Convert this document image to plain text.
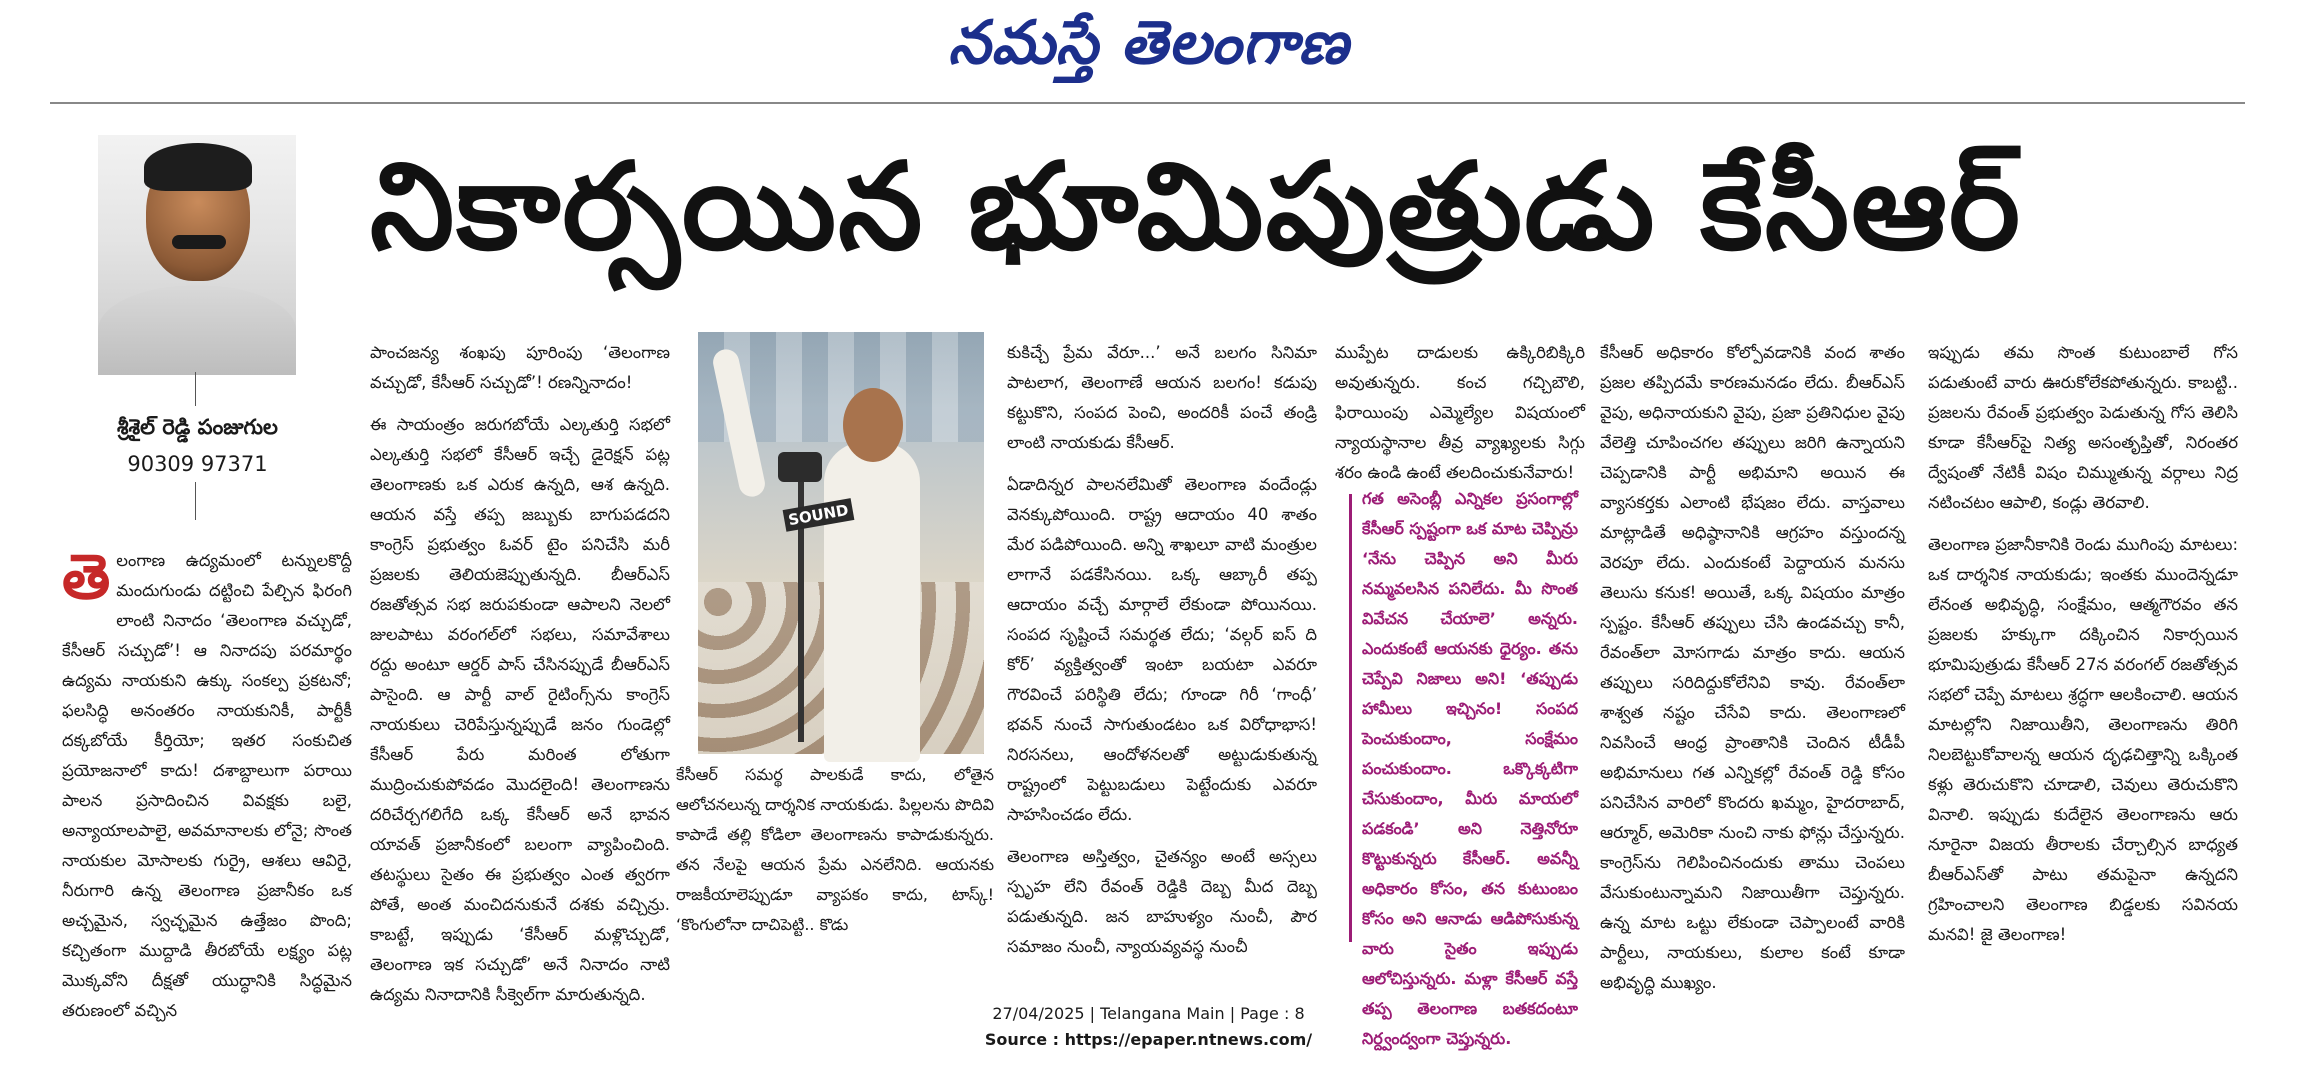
నమస్తే తెలంగాణ
శ్రీశైల్ రెడ్డి పంజుగుల
90309 97371
నికార్సయిన భూమిపుత్రుడు కేసీఆర్
తె లంగాణ ఉద్యమంలో టన్నులకొద్దీ మందుగుండు దట్టించి పేల్చిన ఫిరంగి లాంటి నినాదం ‘తెలంగాణ వచ్చుడో, కేసీఆర్ సచ్చుడో’! ఆ నినాదపు పరమార్థం ఉద్యమ నాయకుని ఉక్కు సంకల్ప ప్రకటనో; ఫలసిద్ధి అనంతరం నాయకునికీ, పార్టీకీ దక్కబోయే కీర్తియో; ఇతర సంకుచిత ప్రయోజనాలో కాదు! దశాబ్దాలుగా పరాయి పాలన ప్రసాదించిన వివక్షకు బలై, అన్యాయాలపాలై, అవమానాలకు లోనై; సొంత నాయకుల మోసాలకు గుర్రై, ఆశలు ఆవిరై, నీరుగారి ఉన్న తెలంగాణ ప్రజానీకం ఒక అచ్చమైన, స్వచ్ఛమైన ఉత్తేజం పొంది; కచ్చితంగా ముద్దాడి తీరబోయే లక్ష్యం పట్ల మొక్కవోని దీక్షతో యుద్ధానికి సిద్ధమైన తరుణంలో వచ్చిన

పాంచజన్య శంఖపు పూరింపు ‘తెలంగాణ వచ్చుడో, కేసీఆర్ సచ్చుడో’! రణన్నినాదం!

ఈ సాయంత్రం జరుగబోయే ఎల్కతుర్తి సభలో ఎల్కతుర్తి సభలో కేసీఆర్ ఇచ్చే డైరెక్షన్ పట్ల తెలంగాణకు ఒక ఎరుక ఉన్నది, ఆశ ఉన్నది. ఆయన వస్తే తప్ప జబ్బుకు బాగుపడదని కాంగ్రెస్ ప్రభుత్వం ఓవర్ టైం పనిచేసి మరీ ప్రజలకు తెలియజెప్పుతున్నది. బీఆర్ఎస్ రజతోత్సవ సభ జరుపకుండా ఆపాలని నెలలో జులపాటు వరంగల్‌లో సభలు, సమావేశాలు రద్దు అంటూ ఆర్డర్ పాస్ చేసినప్పుడే బీఆర్ఎస్ పాసైంది. ఆ పార్టీ వాల్ రైటింగ్స్‌ను కాంగ్రెస్ నాయకులు చెరిపేస్తున్నప్పుడే జనం గుండెల్లో కేసీఆర్ పేరు మరింత లోతుగా ముద్రించుకుపోవడం మొదలైంది! తెలంగాణను దరిచేర్చగలిగేది ఒక్క కేసీఆర్ అనే భావన యావత్ ప్రజానీకంలో బలంగా వ్యాపించింది. తటస్థులు సైతం ఈ ప్రభుత్వం ఎంత త్వరగా పోతే, అంత మంచిదనుకునే దశకు వచ్చిన్రు. కాబట్టే, ఇప్పుడు ‘కేసీఆర్ మళ్లొచ్చుడో, తెలంగాణ ఇక సచ్చుడో’ అనే నినాదం నాటి ఉద్యమ నినాదానికి సీక్వెల్‌గా మారుతున్నది.

SOUND
కేసీఆర్ సమర్థ పాలకుడే కాదు, లోతైన ఆలోచనలున్న దార్శనిక నాయకుడు. పిల్లలను పొదివి కాపాడే తల్లి కోడిలా తెలంగాణను కాపాడుకున్నరు. తన నేలపై ఆయన ప్రేమ ఎనలేనిది. ఆయనకు రాజకీయాలెప్పుడూ వ్యాపకం కాదు, టాస్క్! ‘కొంగులోనా దాచిపెట్టి.. కొడు

కుకిచ్చే ప్రేమ వేరూ...’ అనే బలగం సినిమా పాటలాగ, తెలంగాణే ఆయన బలగం! కడుపు కట్టుకొని, సంపద పెంచి, అందరికీ పంచే తండ్రి లాంటి నాయకుడు కేసీఆర్.

ఏడాదిన్నర పాలనలేమితో తెలంగాణ వందేండ్లు వెనక్కుపోయింది. రాష్ట్ర ఆదాయం 40 శాతం మేర పడిపోయింది. అన్ని శాఖలూ వాటి మంత్రుల లాగానే పడకేసినయి. ఒక్క ఆబ్కారీ తప్ప ఆదాయం వచ్చే మార్గాలే లేకుండా పోయినయి. సంపద సృష్టించే సమర్థత లేదు; ‘వల్గర్ ఐస్ ది కోర్’ వ్యక్తిత్వంతో ఇంటా బయటా ఎవరూ గౌరవించే పరిస్థితి లేదు; గూండా గిరీ ‘గాంధీ’ భవన్ నుంచే సాగుతుండటం ఒక విరోధాభాస! నిరసనలు, ఆందోళనలతో అట్టుడుకుతున్న రాష్ట్రంలో పెట్టుబడులు పెట్టేందుకు ఎవరూ సాహసించడం లేదు.

తెలంగాణ అస్తిత్వం, చైతన్యం అంటే అస్సలు స్పృహ లేని రేవంత్ రెడ్డికి దెబ్బ మీద దెబ్బ పడుతున్నది. జన బాహుళ్యం నుంచీ, పౌర సమాజం నుంచీ, న్యాయవ్యవస్థ నుంచీ

ముప్పేట దాడులకు ఉక్కిరిబిక్కిరి అవుతున్నరు. కంచ గచ్చిబౌలి, ఫిరాయింపు ఎమ్మెల్యేల విషయంలో న్యాయస్థానాల తీవ్ర వ్యాఖ్యలకు సిగ్గు శరం ఉండి ఉంటే తలదించుకునేవారు!

గత అసెంబ్లీ ఎన్నికల ప్రసంగాల్లో కేసీఆర్ స్పష్టంగా ఒక మాట చెప్పిన్రు ‘నేను చెప్పిన అని మీరు నమ్మవలసిన పనిలేదు. మీ సొంత వివేచన చేయాలె’ అన్నరు. ఎందుకంటే ఆయనకు ధైర్యం. తను చెప్పేవి నిజాలు అని! ‘తప్పుడు హామీలు ఇచ్చినం! సంపద పెంచుకుందాం, సంక్షేమం పంచుకుందాం. ఒక్కొక్కటిగా చేసుకుందాం, మీరు మాయలో పడకండి’ అని నెత్తినోరూ కొట్టుకున్నరు కేసీఆర్. అవన్నీ అధికారం కోసం, తన కుటుంబం కోసం అని ఆనాడు ఆడిపోసుకున్న వారు సైతం ఇప్పుడు ఆలోచిస్తున్నరు. మళ్లా కేసీఆర్ వస్తే తప్ప తెలంగాణ బతకదంటూ నిర్ద్వంద్వంగా చెప్తున్నరు.

కేసీఆర్ అధికారం కోల్పోవడానికి వంద శాతం ప్రజల తప్పిదమే కారణమనడం లేదు. బీఆర్ఎస్ వైపు, అధినాయకుని వైపు, ప్రజా ప్రతినిధుల వైపు వేలెత్తి చూపించగల తప్పులు జరిగి ఉన్నాయని చెప్పడానికి పార్టీ అభిమాని అయిన ఈ వ్యాసకర్తకు ఎలాంటి భేషజం లేదు. వాస్తవాలు మాట్లాడితే అధిష్ఠానానికి ఆగ్రహం వస్తుందన్న వెరపూ లేదు. ఎందుకంటే పెద్దాయన మనసు తెలుసు కనుక! అయితే, ఒక్క విషయం మాత్రం స్పష్టం. కేసీఆర్ తప్పులు చేసి ఉండవచ్చు కానీ, రేవంత్‌లా మోసగాడు మాత్రం కాదు. ఆయన తప్పులు సరిదిద్దుకోలేనివి కావు. రేవంత్‌లా శాశ్వత నష్టం చేసేవి కాదు. తెలంగాణలో నివసించే ఆంధ్ర ప్రాంతానికి చెందిన టీడీపీ అభిమానులు గత ఎన్నికల్లో రేవంత్ రెడ్డి కోసం పనిచేసిన వారిలో కొందరు ఖమ్మం, హైదరాబాద్, ఆర్మూర్, అమెరికా నుంచి నాకు ఫోన్లు చేస్తున్నరు. కాంగ్రెస్‌ను గెలిపించినందుకు తాము చెంపలు వేసుకుంటున్నామని నిజాయితీగా చెప్తున్నరు. ఉన్న మాట ఒట్టు లేకుండా చెప్పాలంటే వారికి పార్టీలు, నాయకులు, కులాల కంటే కూడా అభివృద్ధి ముఖ్యం.

ఇప్పుడు తమ సొంత కుటుంబాలే గోస పడుతుంటే వారు ఊరుకోలేకపోతున్నరు. కాబట్టి.. ప్రజలను రేవంత్ ప్రభుత్వం పెడుతున్న గోస తెలిసి కూడా కేసీఆర్‌పై నిత్య అసంతృప్తితో, నిరంతర ద్వేషంతో నేటికీ విషం చిమ్ముతున్న వర్గాలు నిద్ర నటించటం ఆపాలి, కండ్లు తెరవాలి.

తెలంగాణ ప్రజానీకానికి రెండు ముగింపు మాటలు: ఒక దార్శనిక నాయకుడు; ఇంతకు ముందెన్నడూ లేనంత అభివృద్ధి, సంక్షేమం, ఆత్మగౌరవం తన ప్రజలకు హక్కుగా దక్కించిన నికార్సయిన భూమిపుత్రుడు కేసీఆర్ 27న వరంగల్ రజతోత్సవ సభలో చెప్పే మాటలు శ్రద్ధగా ఆలకించాలి. ఆయన మాటల్లోని నిజాయితీని, తెలంగాణను తిరిగి నిలబెట్టుకోవాలన్న ఆయన దృఢచిత్తాన్ని ఒక్కింత కళ్లు తెరుచుకొని చూడాలి, చెవులు తెరుచుకొని వినాలి. ఇప్పుడు కుదేలైన తెలంగాణను ఆరు నూరైనా విజయ తీరాలకు చేర్చాల్సిన బాధ్యత బీఆర్ఎస్‌తో పాటు తమపైనా ఉన్నదని గ్రహించాలని తెలంగాణ బిడ్డలకు సవినయ మనవి! జై తెలంగాణ!

27/04/2025 | Telangana Main | Page : 8
Source : https://epaper.ntnews.com/
